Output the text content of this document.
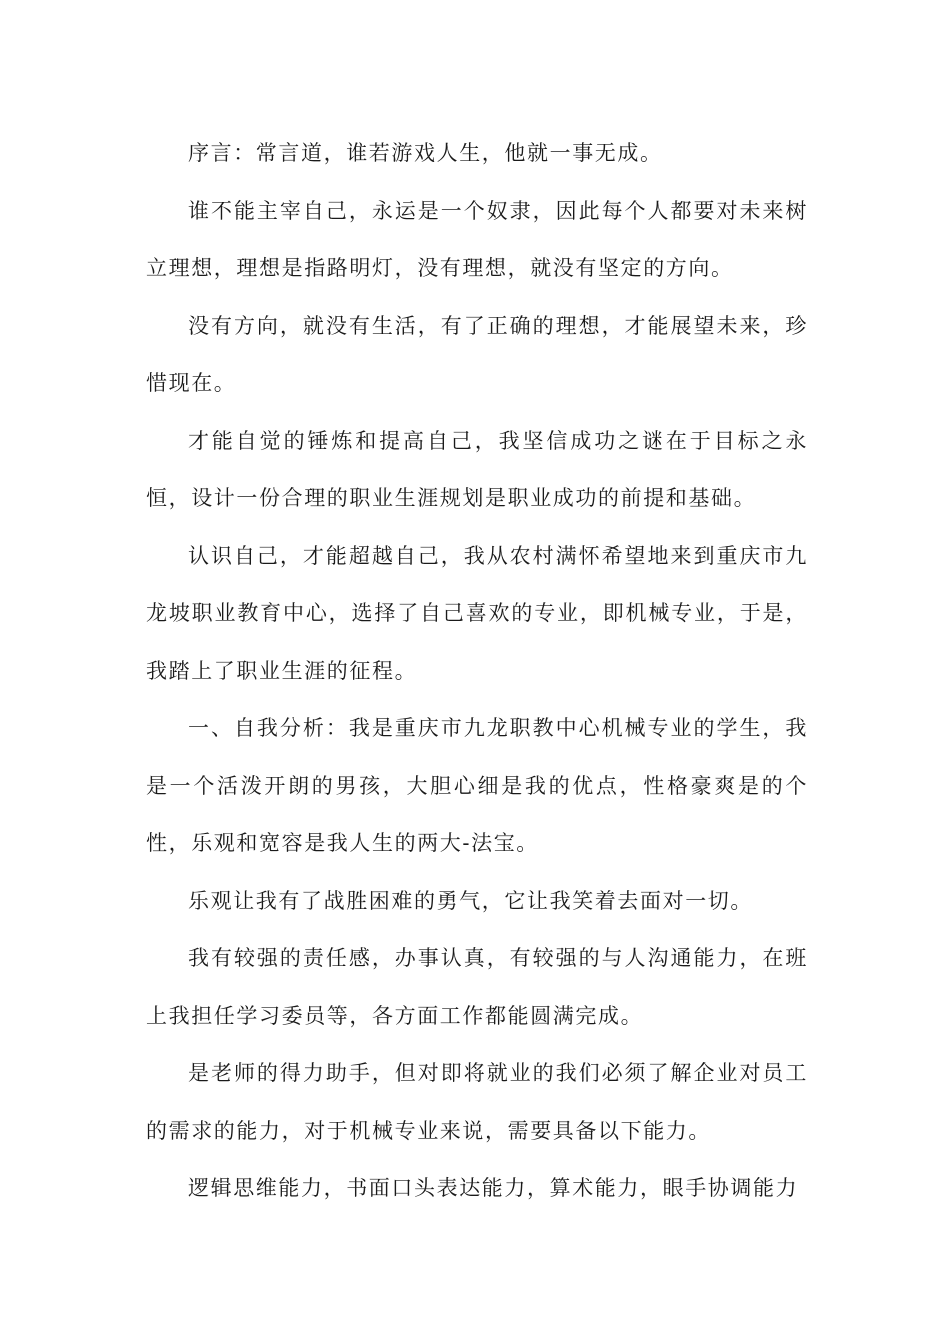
序言：常言道，谁若游戏人生，他就一事无成。

谁不能主宰自己，永运是一个奴隶，因此每个人都要对未来树立理想，理想是指路明灯，没有理想，就没有坚定的方向。

没有方向，就没有生活，有了正确的理想，才能展望未来，珍惜现在。

才能自觉的锤炼和提高自己，我坚信成功之谜在于目标之永恒，设计一份合理的职业生涯规划是职业成功的前提和基础。

认识自己，才能超越自己，我从农村满怀希望地来到重庆市九龙坡职业教育中心，选择了自己喜欢的专业，即机械专业，于是，我踏上了职业生涯的征程。

一、自我分析：我是重庆市九龙职教中心机械专业的学生，我是一个活泼开朗的男孩，大胆心细是我的优点，性格豪爽是的个性，乐观和宽容是我人生的两大-法宝。

乐观让我有了战胜困难的勇气，它让我笑着去面对一切。

我有较强的责任感，办事认真，有较强的与人沟通能力，在班上我担任学习委员等，各方面工作都能圆满完成。

是老师的得力助手，但对即将就业的我们必须了解企业对员工的需求的能力，对于机械专业来说，需要具备以下能力。

逻辑思维能力，书面口头表达能力，算术能力，眼手协调能力
